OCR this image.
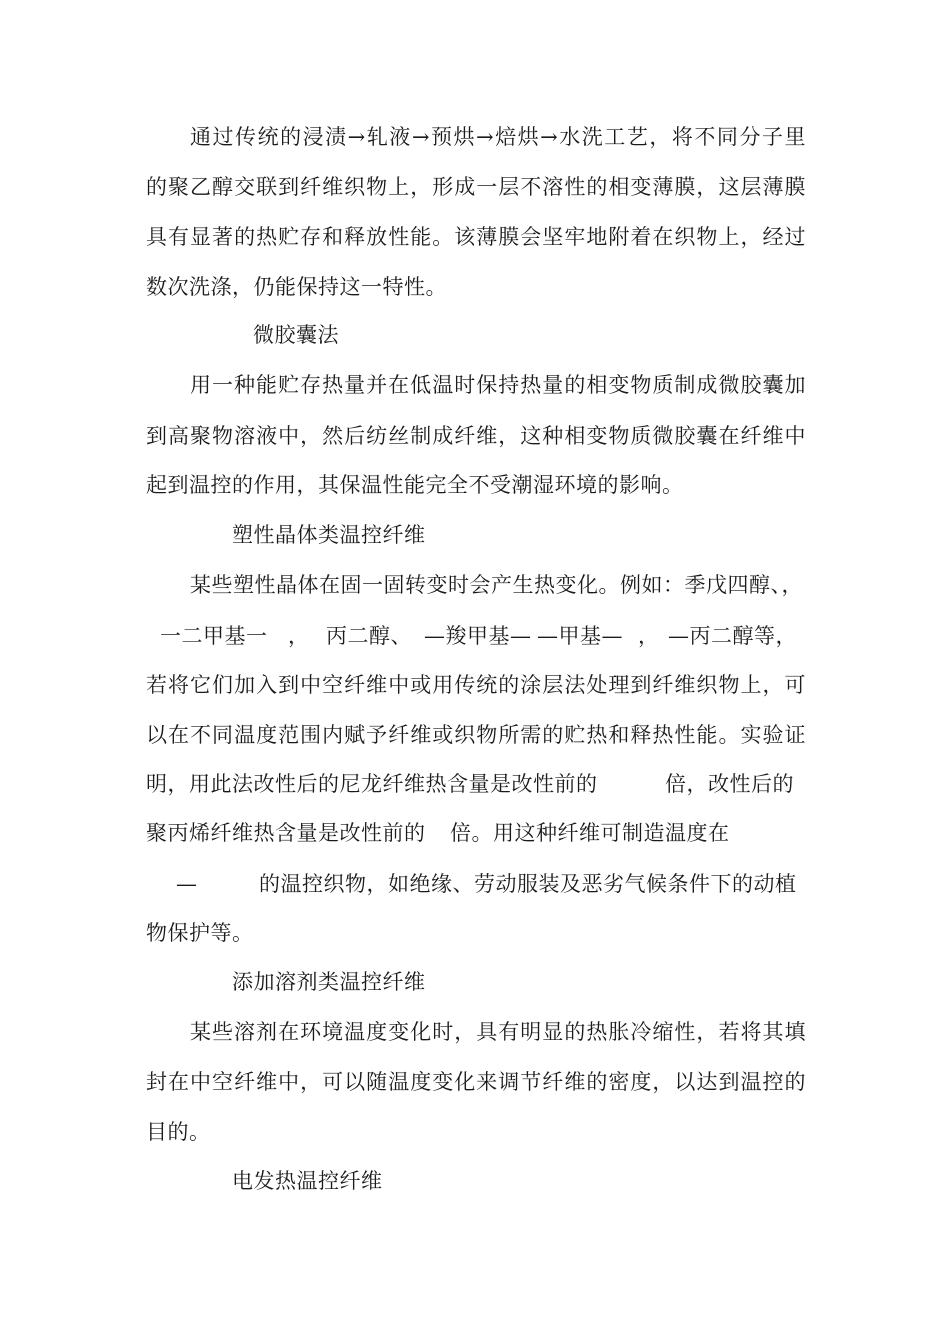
通过传统的浸渍→轧液→预烘→焙烘→水洗工艺，将不同分子里
的聚乙醇交联到纤维织物上，形成一层不溶性的相变薄膜，这层薄膜
具有显著的热贮存和释放性能。该薄膜会坚牢地附着在织物上，经过
数次洗涤，仍能保持这一特性。
微胶囊法
用一种能贮存热量并在低温时保持热量的相变物质制成微胶囊加
到高聚物溶液中，然后纺丝制成纤维，这种相变物质微胶囊在纤维中
起到温控的作用，其保温性能完全不受潮湿环境的影响。
塑性晶体类温控纤维
某些塑性晶体在固一固转变时会产生热变化。例如：季戊四醇、，
一二甲基一 ， 丙二醇、 —羧甲基— —甲基— ， —丙二醇等，
若将它们加入到中空纤维中或用传统的涂层法处理到纤维织物上，可
以在不同温度范围内赋予纤维或织物所需的贮热和释热性能。实验证
明，用此法改性后的尼龙纤维热含量是改性前的	倍，改性后的
聚丙烯纤维热含量是改性前的 倍。用这种纤维可制造温度在
—	的温控织物，如绝缘、劳动服装及恶劣气候条件下的动植
物保护等。
添加溶剂类温控纤维
某些溶剂在环境温度变化时，具有明显的热胀冷缩性，若将其填
封在中空纤维中，可以随温度变化来调节纤维的密度，以达到温控的
目的。
电发热温控纤维
